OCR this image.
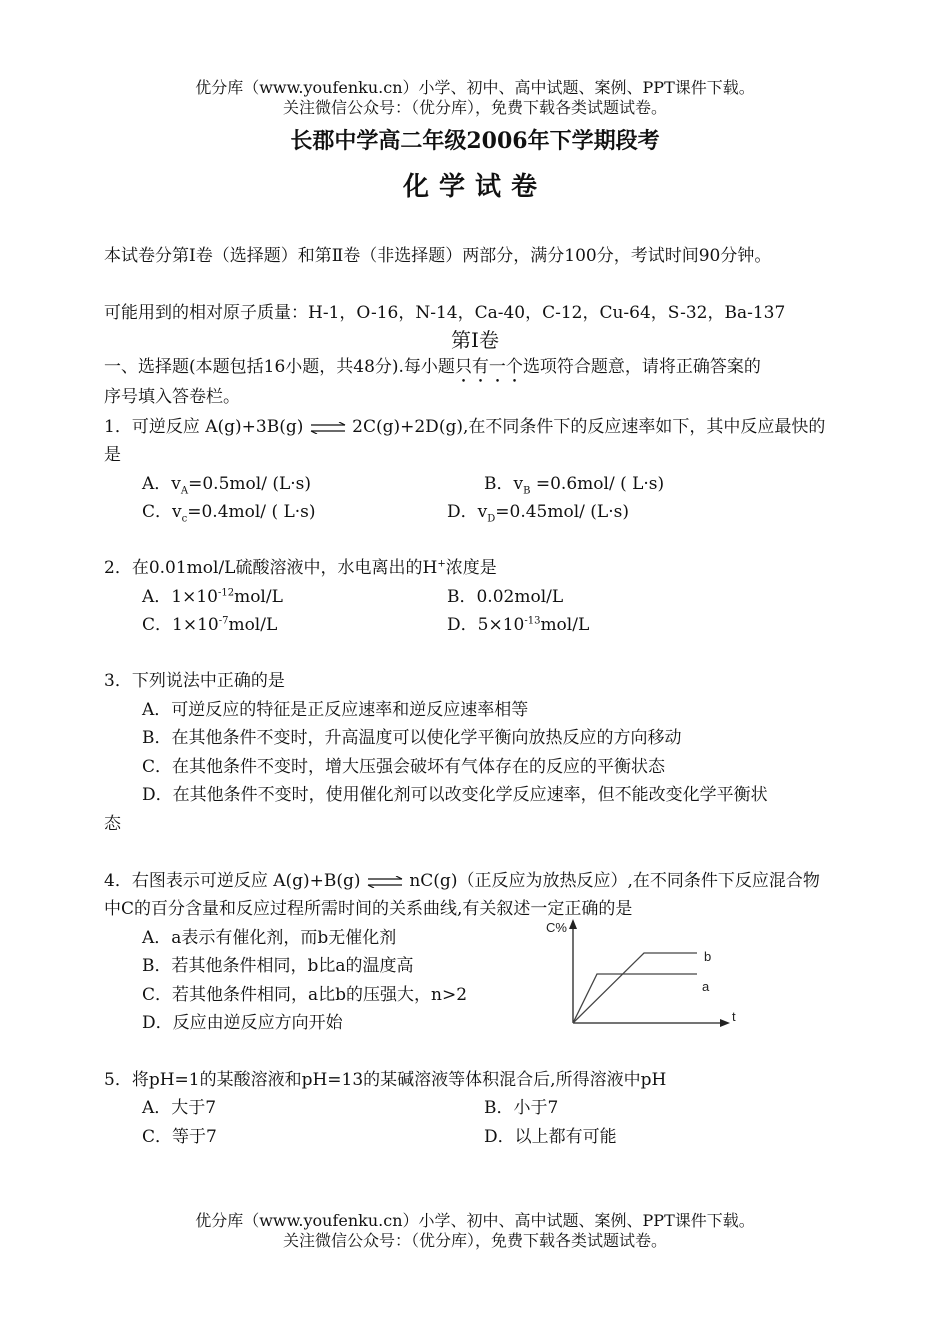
优分库（www.youfenku.cn）小学、初中、高中试题、案例、PPT课件下载。
关注微信公众号：（优分库），免费下载各类试题试卷。
长郡中学高二年级2006年下学期段考
化学试卷
本试卷分第Ⅰ卷（选择题）和第Ⅱ卷（非选择题）两部分，满分100分，考试时间90分钟。
可能用到的相对原子质量：H-1，O-16，N-14，Ca-40，C-12，Cu-64，S-32，Ba-137
第Ⅰ卷
一、选择题(本题包括16小题，共48分).每小题只有一个选项符合题意，请将正确答案的
序号填入答卷栏。
1．可逆反应 A(g)+3B(g) ⇌ 2C(g)+2D(g),在不同条件下的反应速率如下，其中反应最快的
是
A．$v_A=0.5mol/$ (L·s)	B．$v_B =0.6mol/$ ( L·s)
C．$v_c=0.4mol/$ ( L·s)	D．$v_D=0.45mol/$ (L·s)
2．在0.01mol/L硫酸溶液中，水电离出的H+浓度是
A．$1\times 10^{-12}mol/L$	B．0.02mol/L
C．$1\times 10^{-7}mol/L$	D．$5\times 10^{-13}mol/L$
3．下列说法中正确的是
A．可逆反应的特征是正反应速率和逆反应速率相等
B．在其他条件不变时，升高温度可以使化学平衡向放热反应的方向移动
C．在其他条件不变时，增大压强会破坏有气体存在的反应的平衡状态
D．在其他条件不变时，使用催化剂可以改变化学反应速率，但不能改变化学平衡状
态
4．右图表示可逆反应 A(g)+B(g) ⇌ nC(g)（正反应为放热反应）,在不同条件下反应混合物
中C的百分含量和反应过程所需时间的关系曲线,有关叙述一定正确的是
A．a表示有催化剂，而b无催化剂
B．若其他条件相同，b比a的温度高
C．若其他条件相同，a比b的压强大，n>2
D．反应由逆反应方向开始
C%
t
b
a
5．将pH=1的某酸溶液和pH=13的某碱溶液等体积混合后,所得溶液中pH
A．大于7	B．小于7
C．等于7	D．以上都有可能
优分库（www.youfenku.cn）小学、初中、高中试题、案例、PPT课件下载。
关注微信公众号：（优分库），免费下载各类试题试卷。
